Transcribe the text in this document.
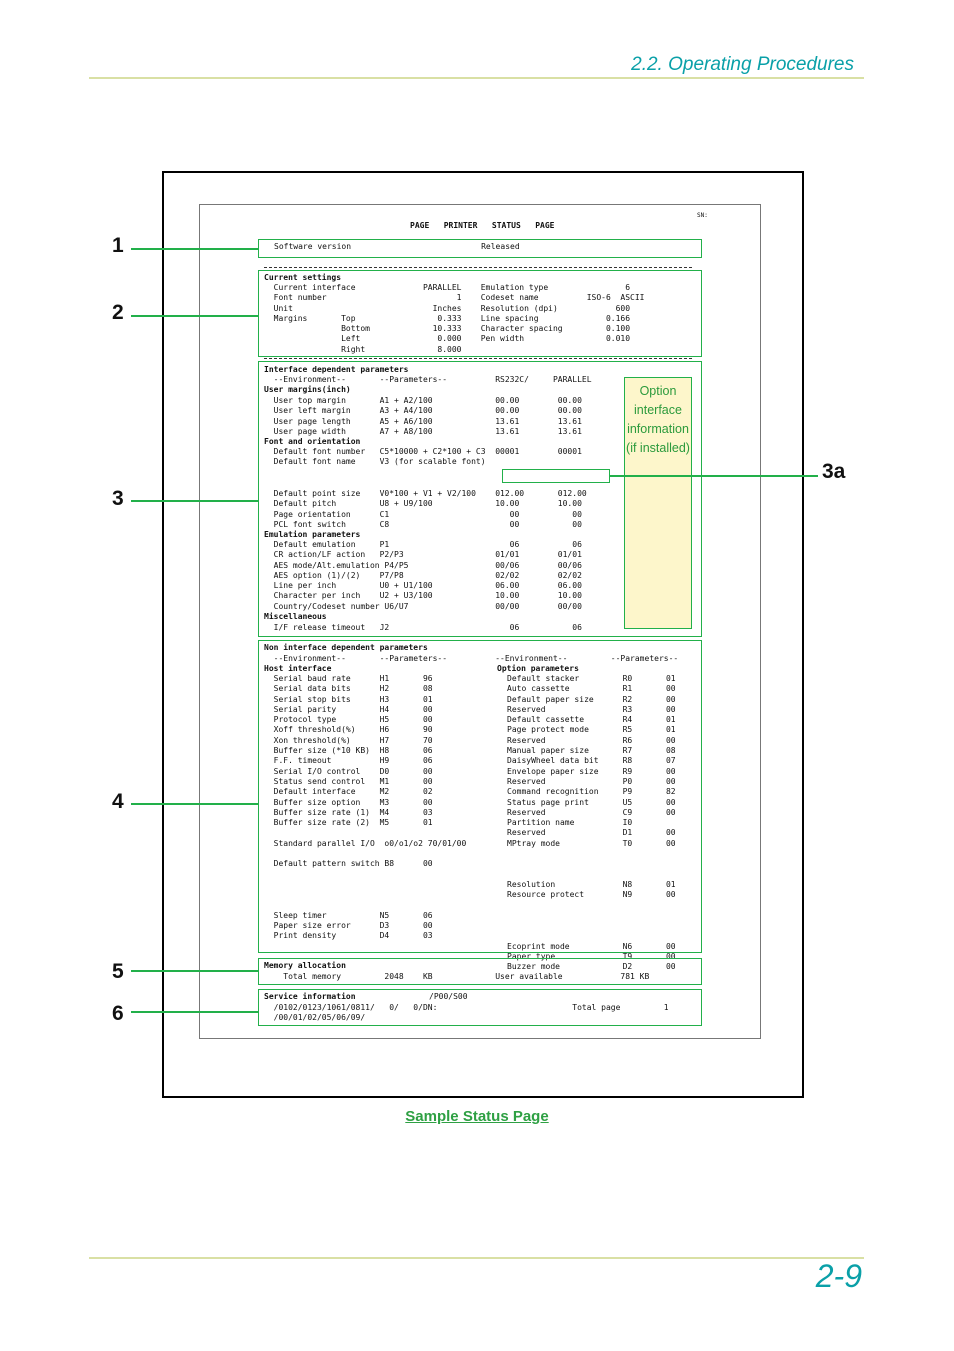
2.2. Operating Procedures
SN:
PAGE   PRINTER   STATUS   PAGE
Software version                           Released
Current settings
Current interface              PARALLEL    Emulation type                6
Font number                           1    Codeset name          ISO-6  ASCII
Unit                             Inches    Resolution (dpi)            600
Margins       Top                 0.333    Line spacing              0.166
Bottom             10.333    Character spacing         0.100
Left                0.000    Pen width                 0.010
Right               8.000
Interface dependent parameters
--Environment--       --Parameters--          RS232C/     PARALLEL
User margins(inch)
User top margin       A1 + A2/100             00.00        00.00
User left margin      A3 + A4/100             00.00        00.00
User page length      A5 + A6/100             13.61        13.61
User page width       A7 + A8/100             13.61        13.61
Font and orientation
Default font number   C5*10000 + C2*100 + C3  00001        00001
Default font name     V3 (for scalable font)
Default point size    V0*100 + V1 + V2/100    012.00       012.00
Default pitch         U8 + U9/100             10.00        10.00
Page orientation      C1                         00           00
PCL font switch       C8                         00           00
Emulation parameters
Default emulation     P1                         06           06
CR action/LF action   P2/P3                   01/01        01/01
AES mode/Alt.emulation P4/P5                  00/06        00/06
AES option (1)/(2)    P7/P8                   02/02        02/02
Line per inch         U0 + U1/100             06.00        06.00
Character per inch    U2 + U3/100             10.00        10.00
Country/Codeset number U6/U7                  00/00        00/00
Miscellaneous
I/F release timeout   J2                         06           06
Option
interface
information
(if installed)
Non interface dependent parameters
--Environment--       --Parameters--          --Environment--         --Parameters--
Host interface	Option parameters
Serial baud rate      H1       96
Serial data bits      H2       08
Serial stop bits      H3       01
Serial parity         H4       00
Protocol type         H5       00
Xoff threshold(%)     H6       90
Xon threshold(%)      H7       70
Buffer size (*10 KB)  H8       06
F.F. timeout          H9       06
Serial I/O control    D0       00
Status send control   M1       00
Default interface     M2       02
Buffer size option    M3       00
Buffer size rate (1)  M4       03
Buffer size rate (2)  M5       01

Standard parallel I/O  o0/o1/o2 70/01/00

Default pattern switch B8      00

Sleep timer           N5       06
Paper size error      D3       00
Print density         D4       03
Default stacker         R0       01
Auto cassette           R1       00
Default paper size      R2       00
Reserved                R3       00
Default cassette        R4       01
Page protect mode       R5       01
Reserved                R6       00
Manual paper size       R7       08
DaisyWheel data bit     R8       07
Envelope paper size     R9       00
Reserved                P0       00
Command recognition     P9       82
Status page print       U5       00
Reserved                C9       00
Partition name          I0
Reserved                D1       00
MPtray mode             T0       00

Resolution              N8       01
Resource protect        N9       00

Ecoprint mode           N6       00
Paper type              T9       00
Buzzer mode             D2       00
Memory allocation
Total memory         2048    KB             User available            781 KB
Service information	/P00/S00
/0102/0123/1061/0811/   0/   0/DN:                            Total page         1
/00/01/02/05/06/09/
1
2
3
3a
4
5
6
Sample Status Page
2-9
